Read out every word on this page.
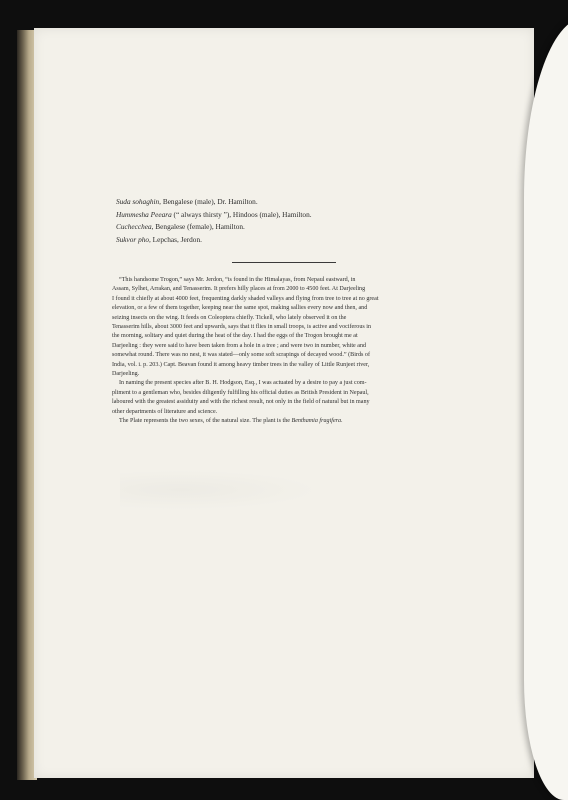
Suda sohaghin, Bengalese (male), Dr. Hamilton.
Hummesha Peeara (“ always thirsty ”), Hindoos (male), Hamilton.
Cuchecchea, Bengalese (female), Hamilton.
Sukvor pho, Lepchas, Jerdon.
“This handsome Trogon,” says Mr. Jerdon, “is found in the Himalayas, from Nepaul eastward, in
Assam, Sylhet, Arrakan, and Tenasserim. It prefers hilly places at from 2000 to 4500 feet. At Darjeeling
I found it chiefly at about 4000 feet, frequenting darkly shaded valleys and flying from tree to tree at no great
elevation, or a few of them together, keeping near the same spot, making sallies every now and then, and
seizing insects on the wing. It feeds on Coleoptera chiefly. Tickell, who lately observed it on the
Tenasserim hills, about 3000 feet and upwards, says that it flies in small troops, is active and vociferous in
the morning, solitary and quiet during the heat of the day. I had the eggs of the Trogon brought me at
Darjeeling : they were said to have been taken from a hole in a tree ; and were two in number, white and
somewhat round. There was no nest, it was stated—only some soft scrapings of decayed wood.” (Birds of
India, vol. i. p. 203.) Capt. Beavan found it among heavy timber trees in the valley of Little Runjeet river,
Darjeeling.
In naming the present species after B. H. Hodgson, Esq., I was actuated by a desire to pay a just com-
pliment to a gentleman who, besides diligently fulfilling his official duties as British President in Nepaul,
laboured with the greatest assiduity and with the richest result, not only in the field of natural but in many
other departments of literature and science.
The Plate represents the two sexes, of the natural size. The plant is the Benthamia fragifera.
